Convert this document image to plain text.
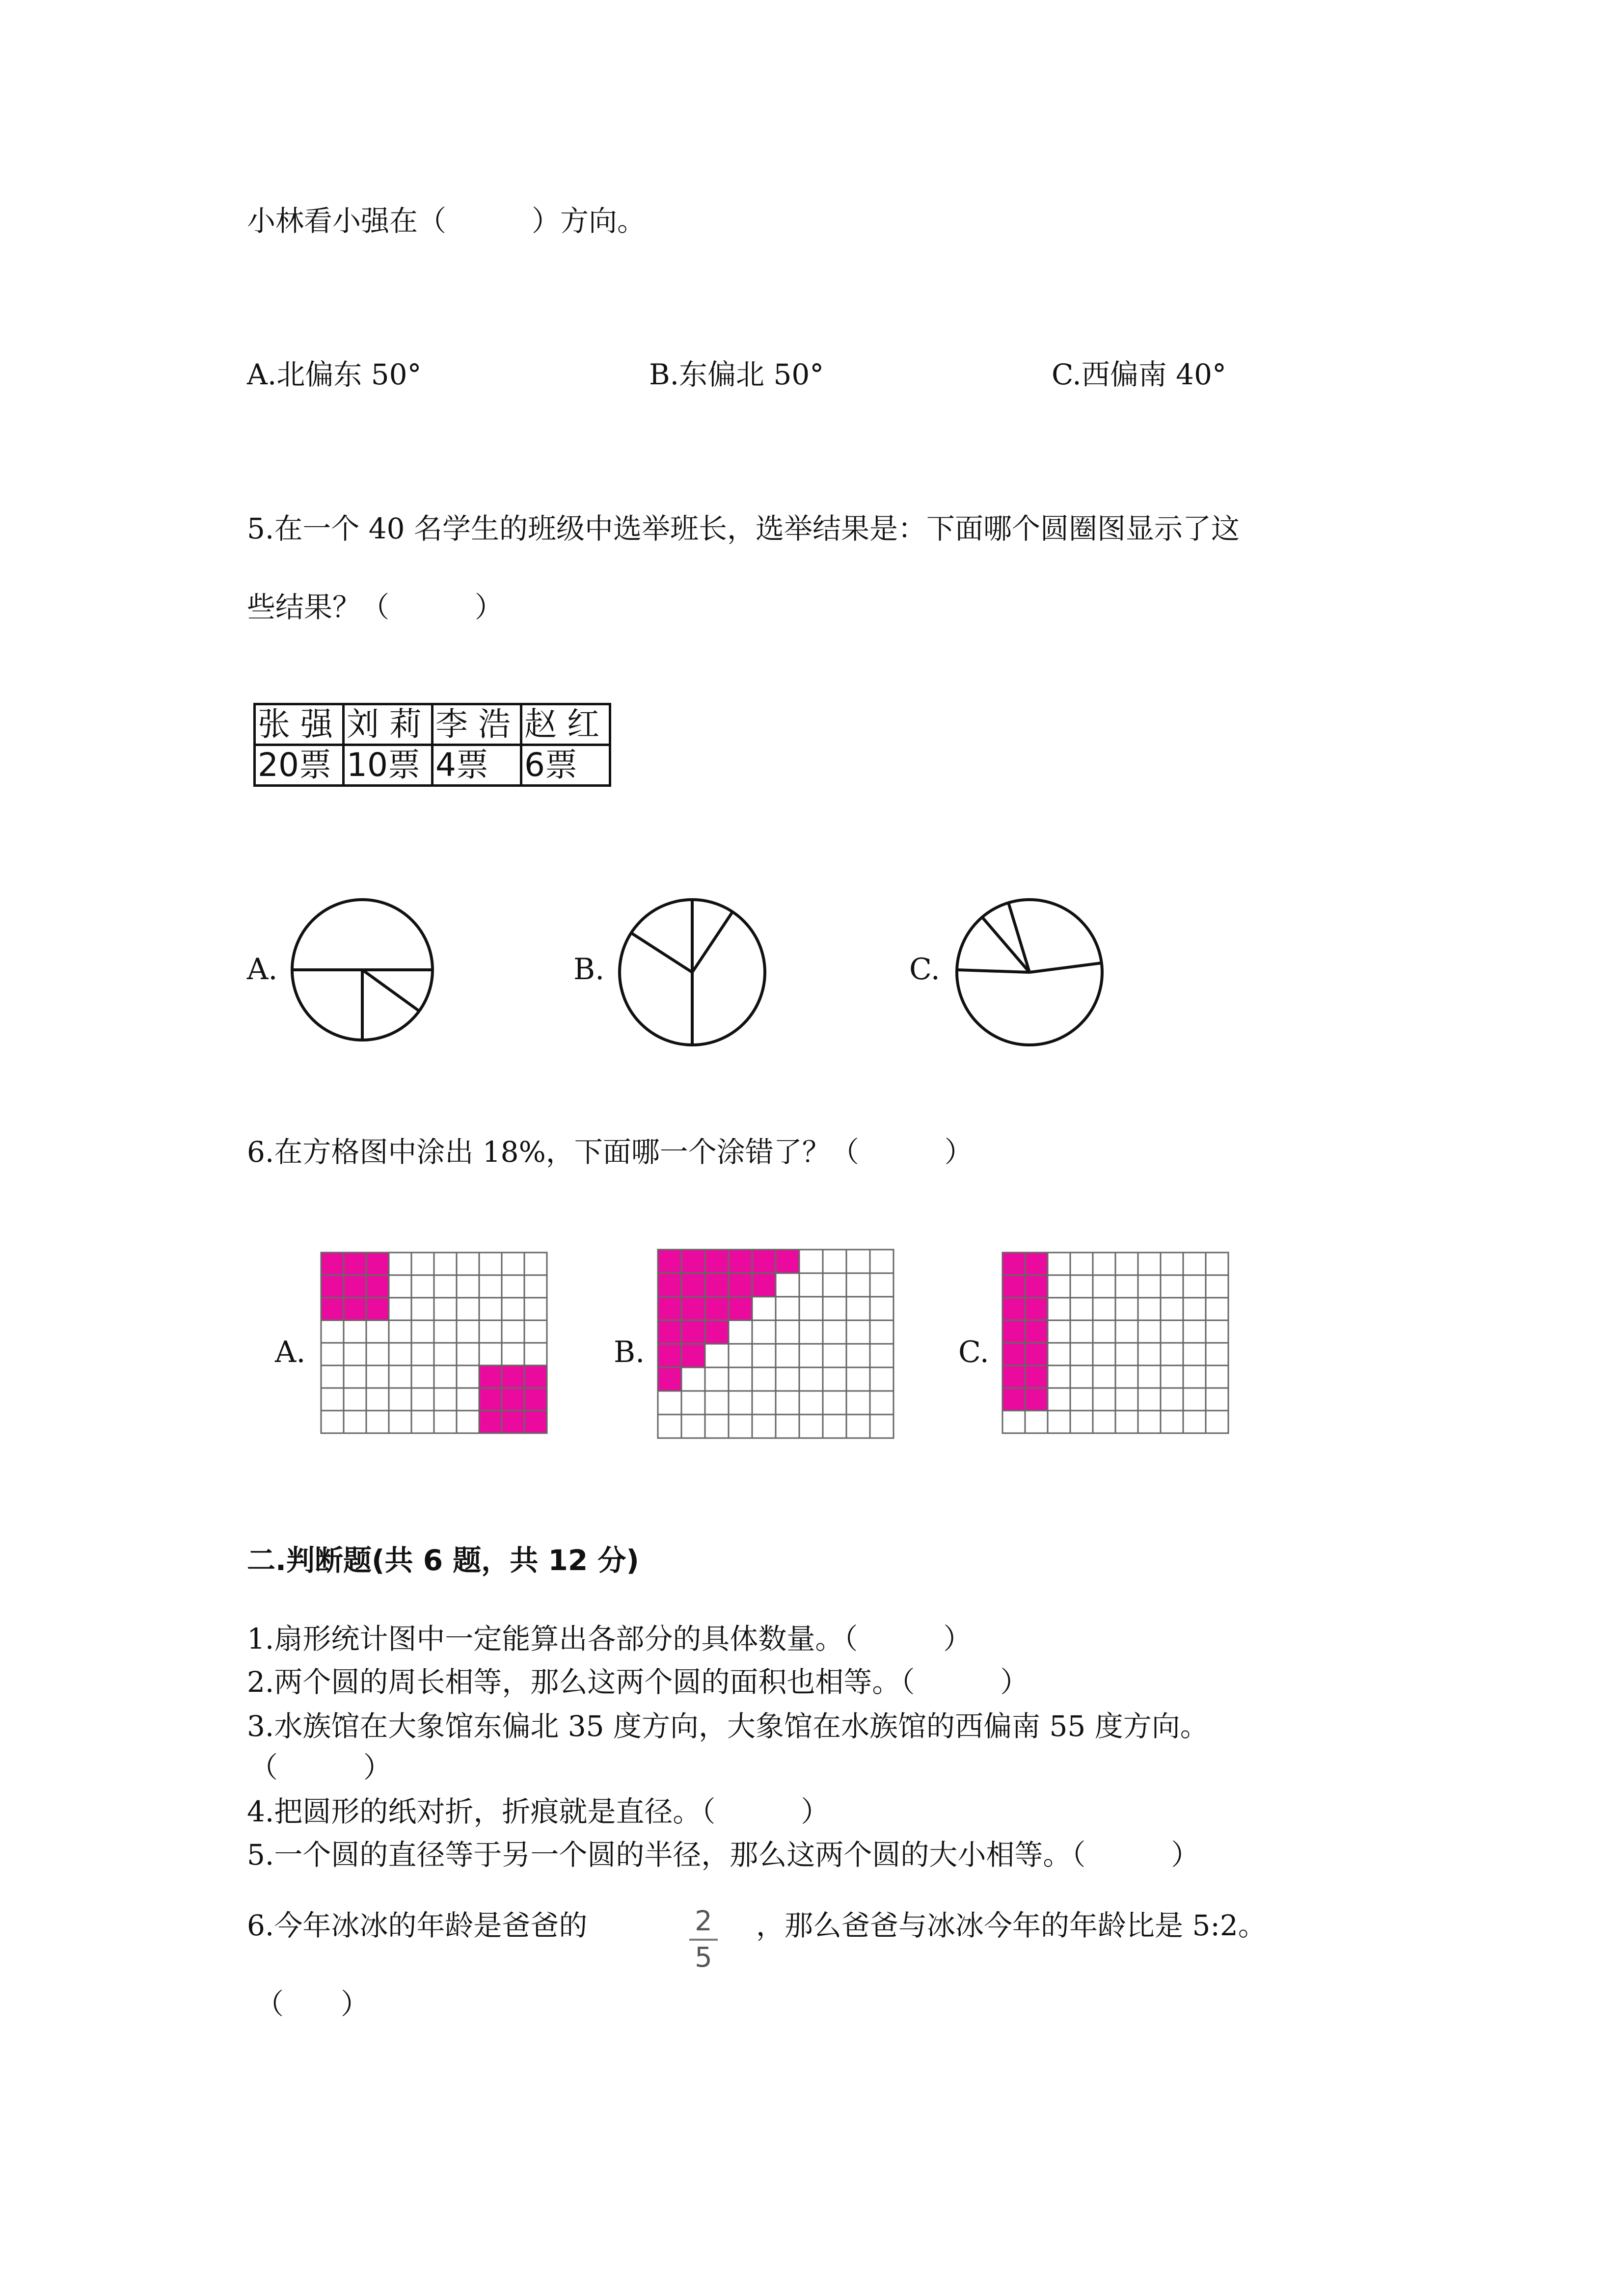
小林看小强在（　　　）方向。

A.北偏东 50°	B.东偏北 50°	C.西偏南 40°

5.在一个 40 名学生的班级中选举班长，选举结果是：下面哪个圆圈图显示了这

些结果？（　　　）

张 强	刘 莉	李 浩	赵 红
20票	10票	4票	6票
A.	B.	C.

6.在方格图中涂出 18%，下面哪一个涂错了？（　　　）

A.	B.	C.

二.判断题(共 6 题，共 12 分)

1.扇形统计图中一定能算出各部分的具体数量。（　　　）

2.两个圆的周长相等，那么这两个圆的面积也相等。（　　　）

3.水族馆在大象馆东偏北 35 度方向，大象馆在水族馆的西偏南 55 度方向。

（　　　）

4.把圆形的纸对折，折痕就是直径。（　　　）

5.一个圆的直径等于另一个圆的半径，那么这两个圆的大小相等。（　　　）

6.今年冰冰的年龄是爸爸的	2
5

，那么爸爸与冰冰今年的年龄比是 5:2。

（　　）
